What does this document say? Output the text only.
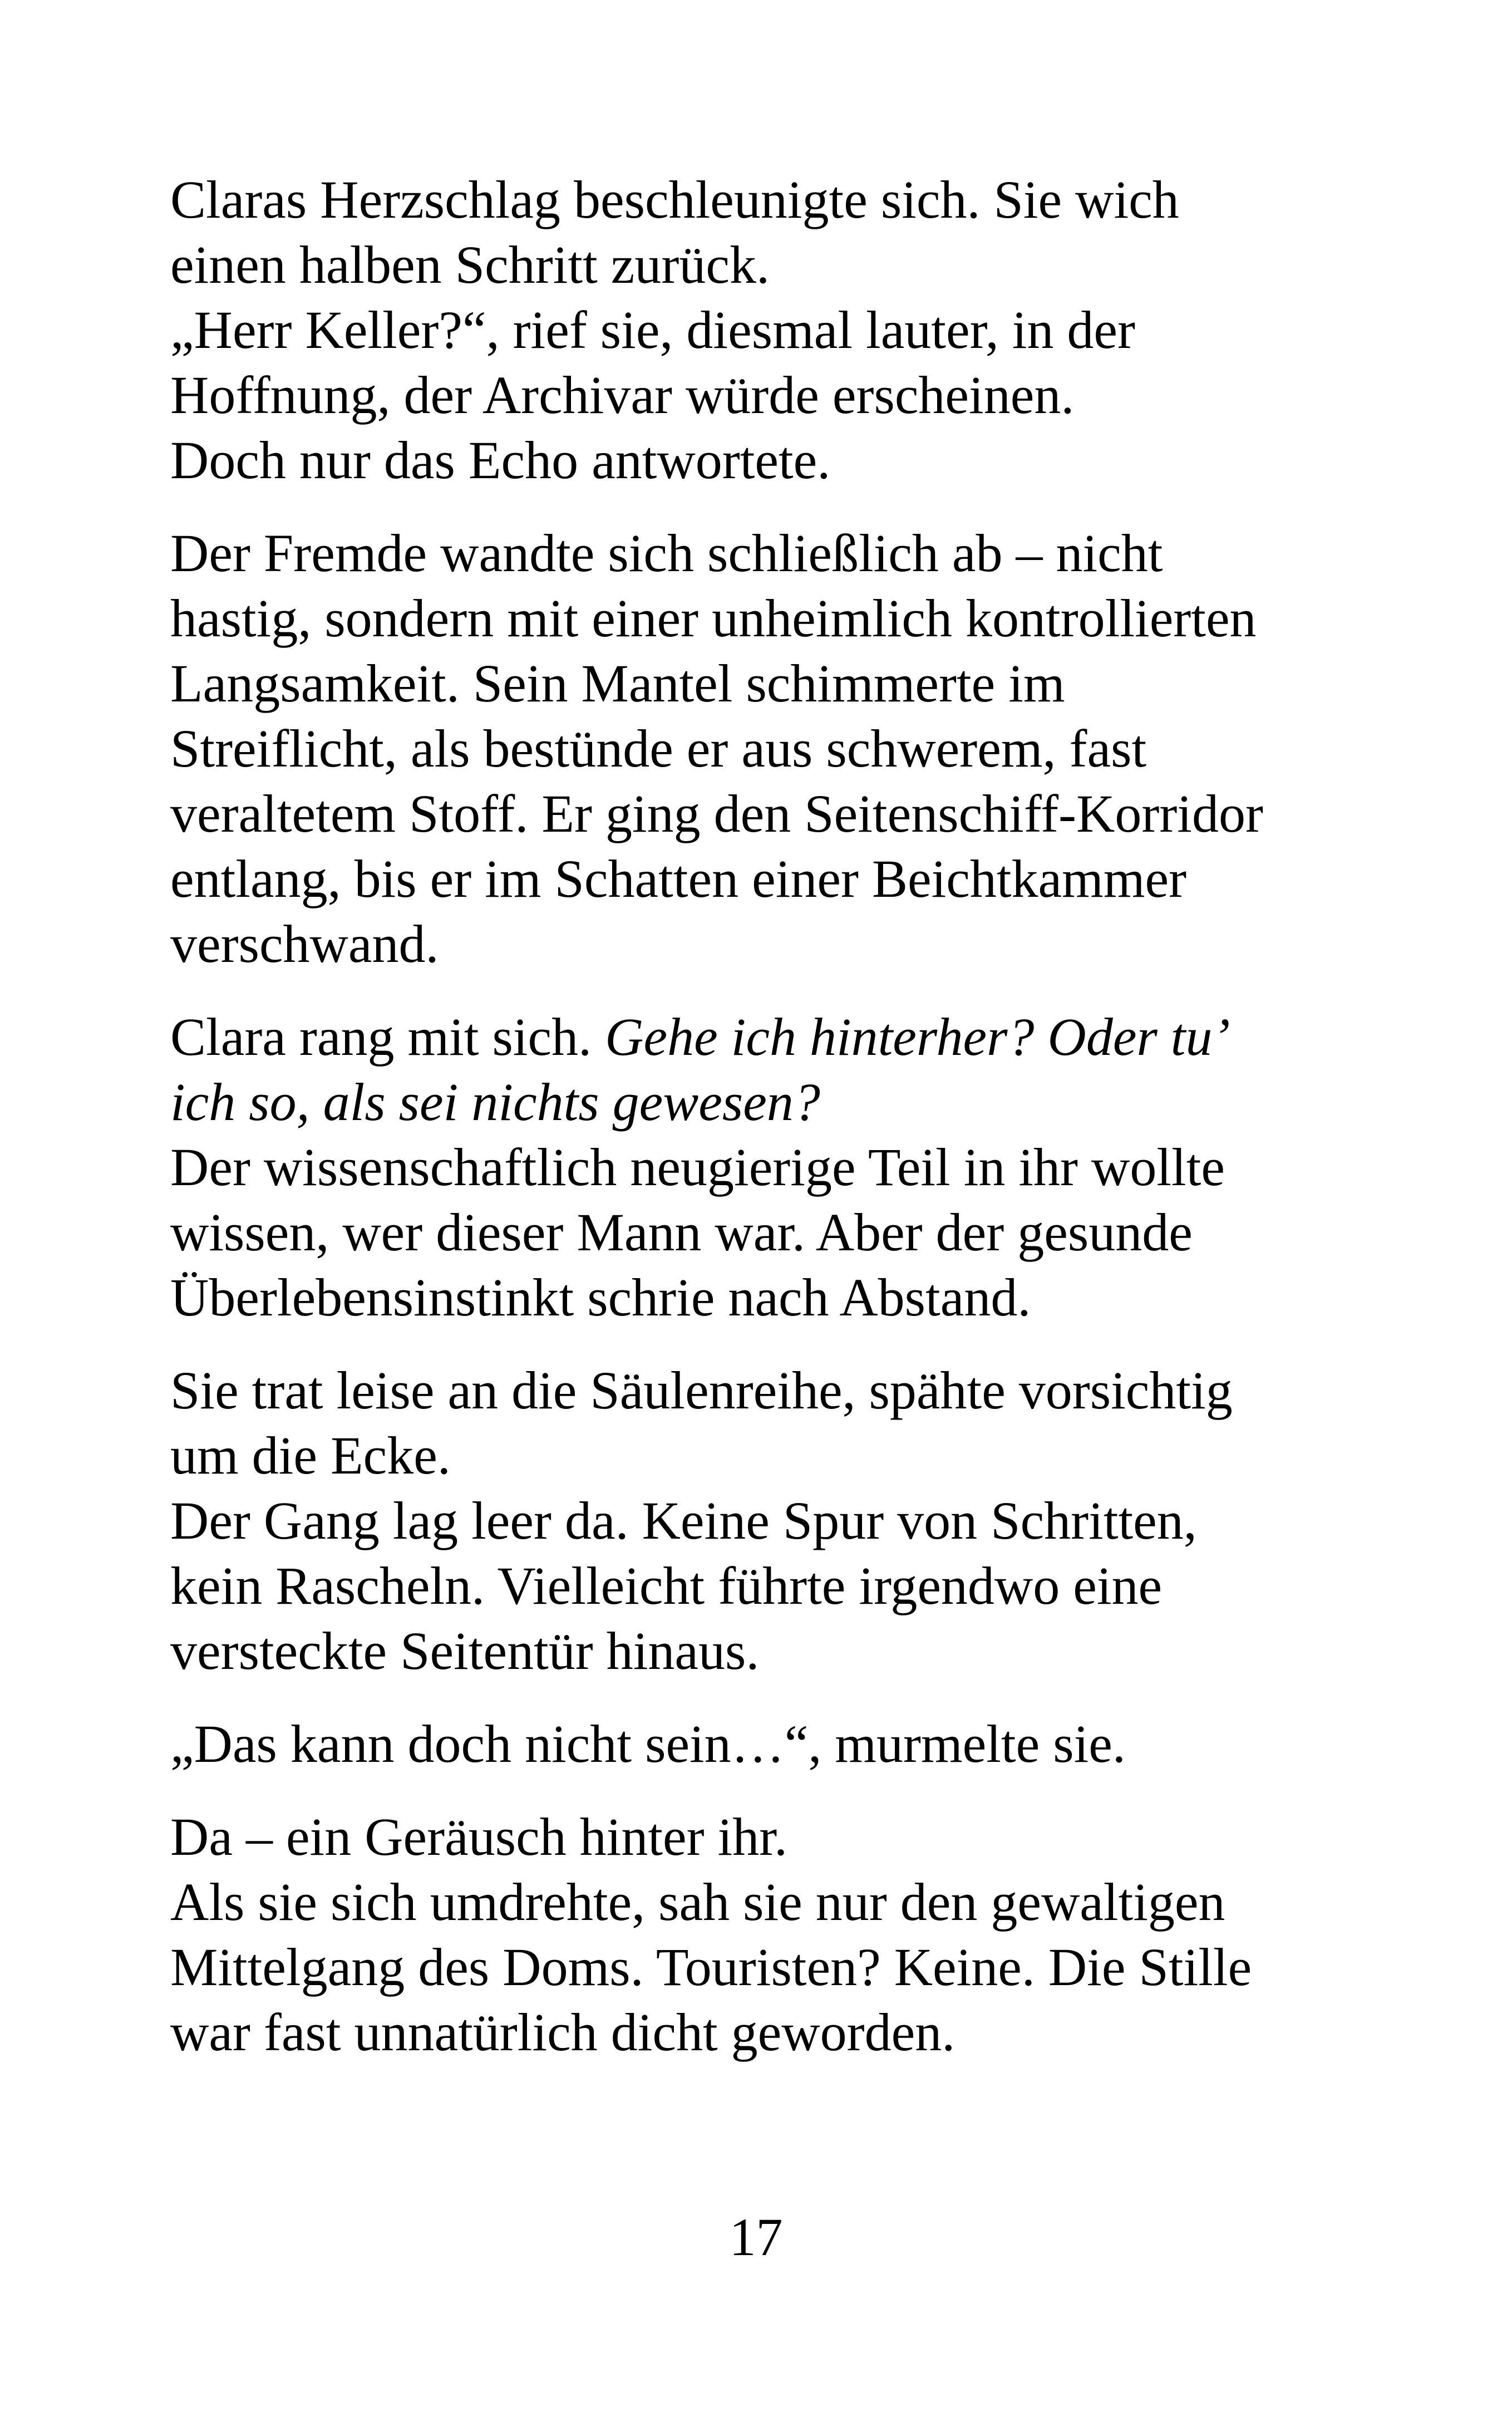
Claras Herzschlag beschleunigte sich. Sie wich
einen halben Schritt zurück.
„Herr Keller?“, rief sie, diesmal lauter, in der
Hoffnung, der Archivar würde erscheinen.
Doch nur das Echo antwortete.

Der Fremde wandte sich schließlich ab – nicht
hastig, sondern mit einer unheimlich kontrollierten
Langsamkeit. Sein Mantel schimmerte im
Streiflicht, als bestünde er aus schwerem, fast
veraltetem Stoff. Er ging den Seitenschiff-Korridor
entlang, bis er im Schatten einer Beichtkammer
verschwand.

Clara rang mit sich. Gehe ich hinterher? Oder tu’
ich so, als sei nichts gewesen?
Der wissenschaftlich neugierige Teil in ihr wollte
wissen, wer dieser Mann war. Aber der gesunde
Überlebensinstinkt schrie nach Abstand.

Sie trat leise an die Säulenreihe, spähte vorsichtig
um die Ecke.
Der Gang lag leer da. Keine Spur von Schritten,
kein Rascheln. Vielleicht führte irgendwo eine
versteckte Seitentür hinaus.

„Das kann doch nicht sein…“, murmelte sie.

Da – ein Geräusch hinter ihr.
Als sie sich umdrehte, sah sie nur den gewaltigen
Mittelgang des Doms. Touristen? Keine. Die Stille
war fast unnatürlich dicht geworden.

17
